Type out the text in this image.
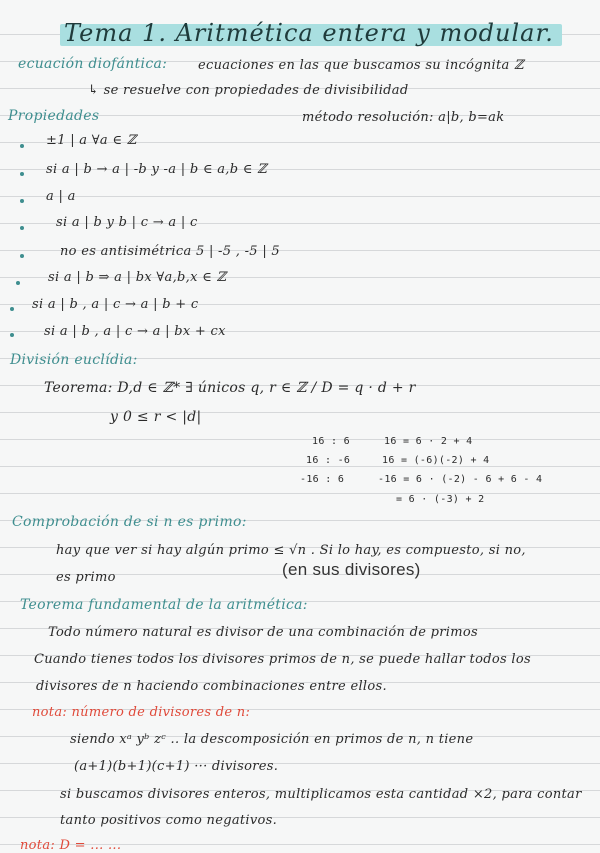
Tema 1. Aritmética entera y modular.
ecuación diofántica: ecuaciones en las que buscamos su incógnita ℤ
↳ se resuelve con propiedades de divisibilidad
Propiedades	método resolución: a|b, b=ak
±1 | a ∀a ∈ ℤ
si a | b → a | -b y -a | b ∈ a,b ∈ ℤ
a | a
si a | b y b | c → a | c
no es antisimétrica 5 | -5 , -5 | 5
si a | b ⇒ a | bx ∀a,b,x ∈ ℤ
si a | b , a | c → a | b + c
si a | b , a | c → a | bx + cx
División euclídia:
Teorema: D,d ∈ ℤ* ∃ únicos q, r ∈ ℤ / D = q · d + r
y 0 ≤ r < |d|
16 : 6
16 : -6
-16 : 6
16 = 6 · 2 + 4
16 = (-6)(-2) + 4
-16 = 6 · (-2) - 6 + 6 - 4
= 6 · (-3) + 2
Comprobación de si n es primo:
hay que ver si hay algún primo ≤ √n . Si lo hay, es compuesto, si no,
es primo	(en sus divisores)
Teorema fundamental de la aritmética:
Todo número natural es divisor de una combinación de primos
Cuando tienes todos los divisores primos de n, se puede hallar todos los
divisores de n haciendo combinaciones entre ellos.
nota: número de divisores de n:
siendo xᵃ yᵇ zᶜ .. la descomposición en primos de n, n tiene
(a+1)(b+1)(c+1) ··· divisores.
si buscamos divisores enteros, multiplicamos esta cantidad ×2, para contar
tanto positivos como negativos.
nota: D = ... ...
